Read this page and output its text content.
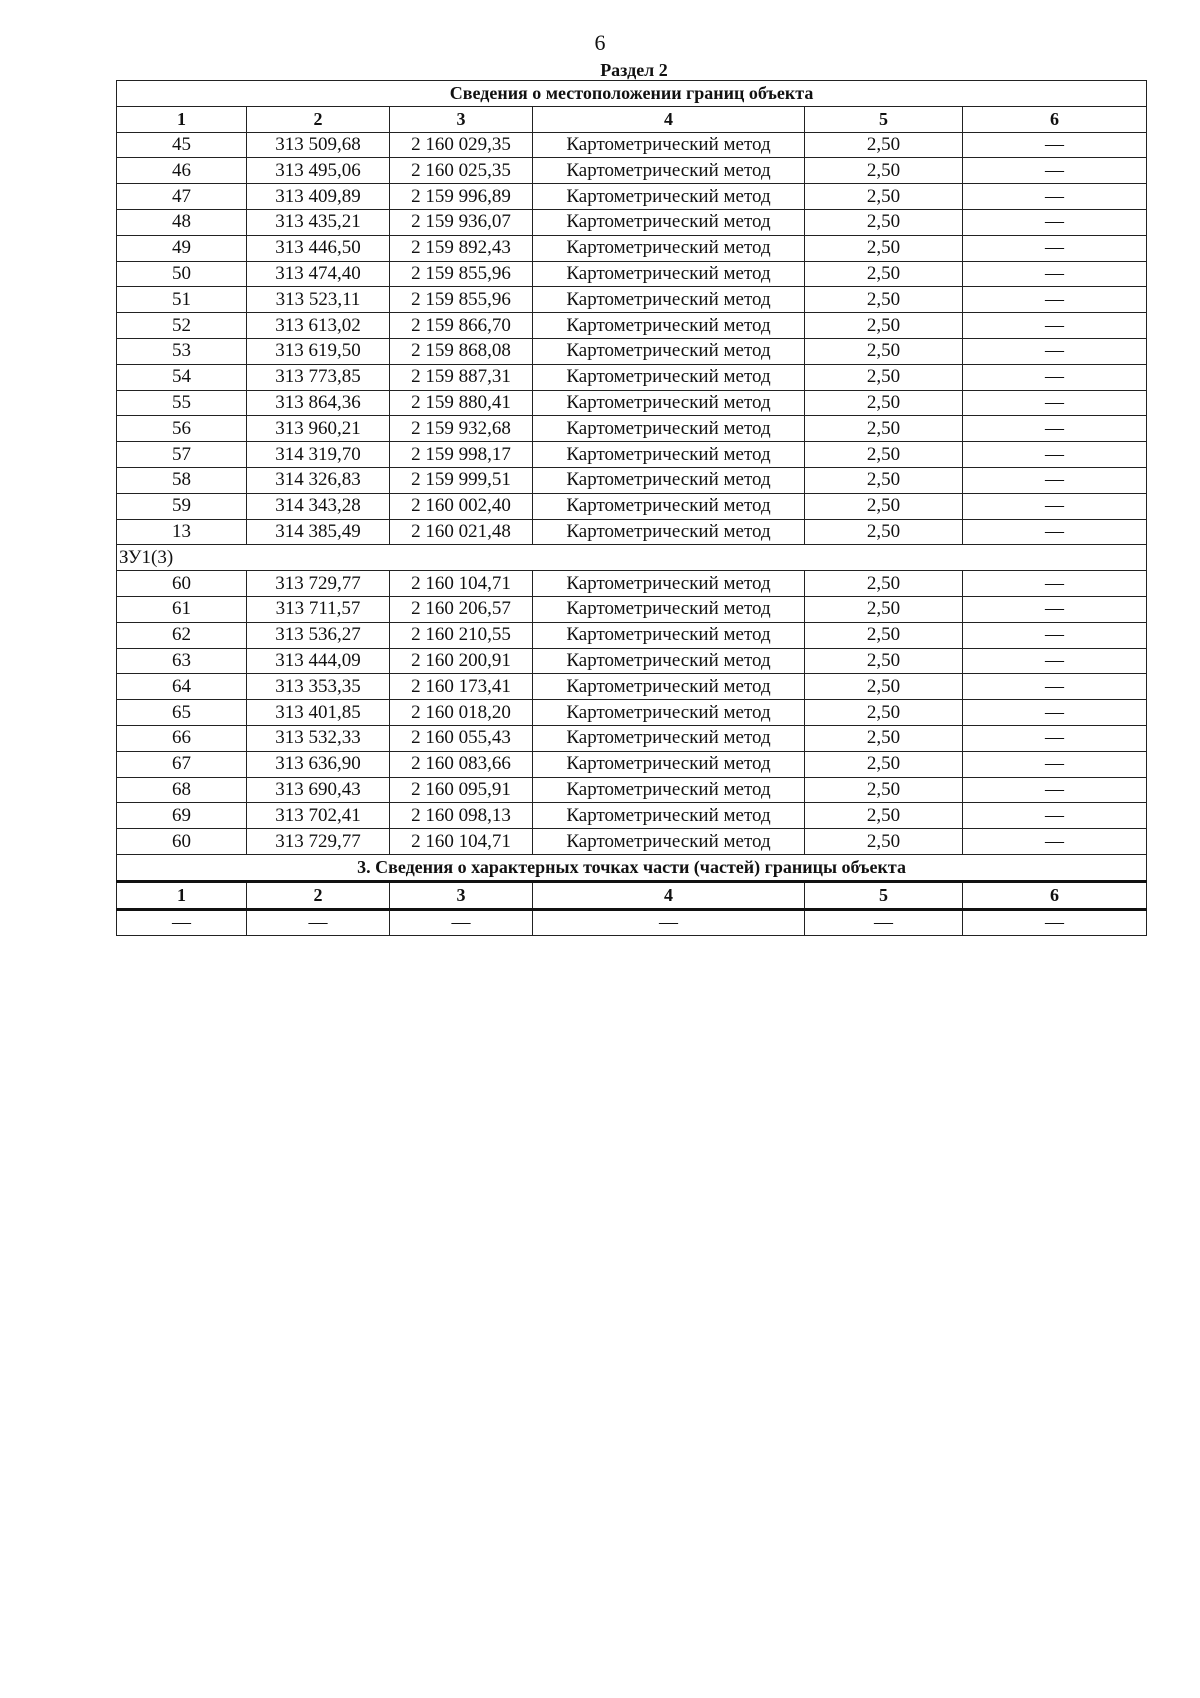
6
Раздел 2
Сведения о местоположении границ объекта					
1	2	3	4	5	6
45	313 509,68	2 160 029,35	Картометрический метод	2,50	—
46	313 495,06	2 160 025,35	Картометрический метод	2,50	—
47	313 409,89	2 159 996,89	Картометрический метод	2,50	—
48	313 435,21	2 159 936,07	Картометрический метод	2,50	—
49	313 446,50	2 159 892,43	Картометрический метод	2,50	—
50	313 474,40	2 159 855,96	Картометрический метод	2,50	—
51	313 523,11	2 159 855,96	Картометрический метод	2,50	—
52	313 613,02	2 159 866,70	Картометрический метод	2,50	—
53	313 619,50	2 159 868,08	Картометрический метод	2,50	—
54	313 773,85	2 159 887,31	Картометрический метод	2,50	—
55	313 864,36	2 159 880,41	Картометрический метод	2,50	—
56	313 960,21	2 159 932,68	Картометрический метод	2,50	—
57	314 319,70	2 159 998,17	Картометрический метод	2,50	—
58	314 326,83	2 159 999,51	Картометрический метод	2,50	—
59	314 343,28	2 160 002,40	Картометрический метод	2,50	—
13	314 385,49	2 160 021,48	Картометрический метод	2,50	—
ЗУ1(3)					
60	313 729,77	2 160 104,71	Картометрический метод	2,50	—
61	313 711,57	2 160 206,57	Картометрический метод	2,50	—
62	313 536,27	2 160 210,55	Картометрический метод	2,50	—
63	313 444,09	2 160 200,91	Картометрический метод	2,50	—
64	313 353,35	2 160 173,41	Картометрический метод	2,50	—
65	313 401,85	2 160 018,20	Картометрический метод	2,50	—
66	313 532,33	2 160 055,43	Картометрический метод	2,50	—
67	313 636,90	2 160 083,66	Картометрический метод	2,50	—
68	313 690,43	2 160 095,91	Картометрический метод	2,50	—
69	313 702,41	2 160 098,13	Картометрический метод	2,50	—
60	313 729,77	2 160 104,71	Картометрический метод	2,50	—
3. Сведения о характерных точках части (частей) границы объекта					
1	2	3	4	5	6
—	—	—	—	—	—
